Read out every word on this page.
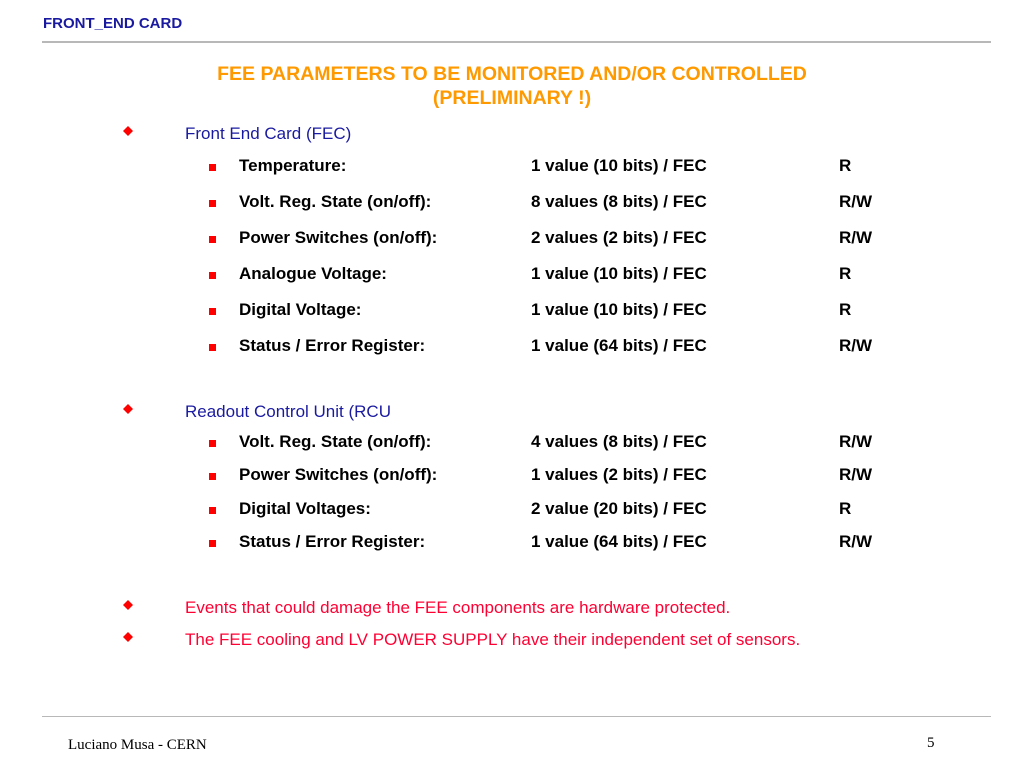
FRONT_END CARD
FEE PARAMETERS TO BE MONITORED AND/OR CONTROLLED
(PRELIMINARY !)
Front End Card (FEC)
Temperature:	1 value (10 bits) / FEC	R
Volt. Reg. State (on/off):	8 values (8 bits) / FEC	R/W
Power Switches (on/off):	2 values (2 bits) / FEC	R/W
Analogue Voltage:	1 value (10 bits) / FEC	R
Digital Voltage:	1 value (10 bits) / FEC	R
Status / Error Register:	1 value (64 bits) / FEC	R/W
Readout Control Unit (RCU
Volt. Reg. State (on/off):	4 values (8 bits) / FEC	R/W
Power Switches (on/off):	1 values (2 bits) / FEC	R/W
Digital Voltages:	2 value (20 bits) / FEC	R
Status / Error Register:	1 value (64 bits) / FEC	R/W
Events that could damage the FEE components are hardware protected.
The FEE cooling and LV POWER SUPPLY have their independent set of sensors.
Luciano Musa - CERN	5
